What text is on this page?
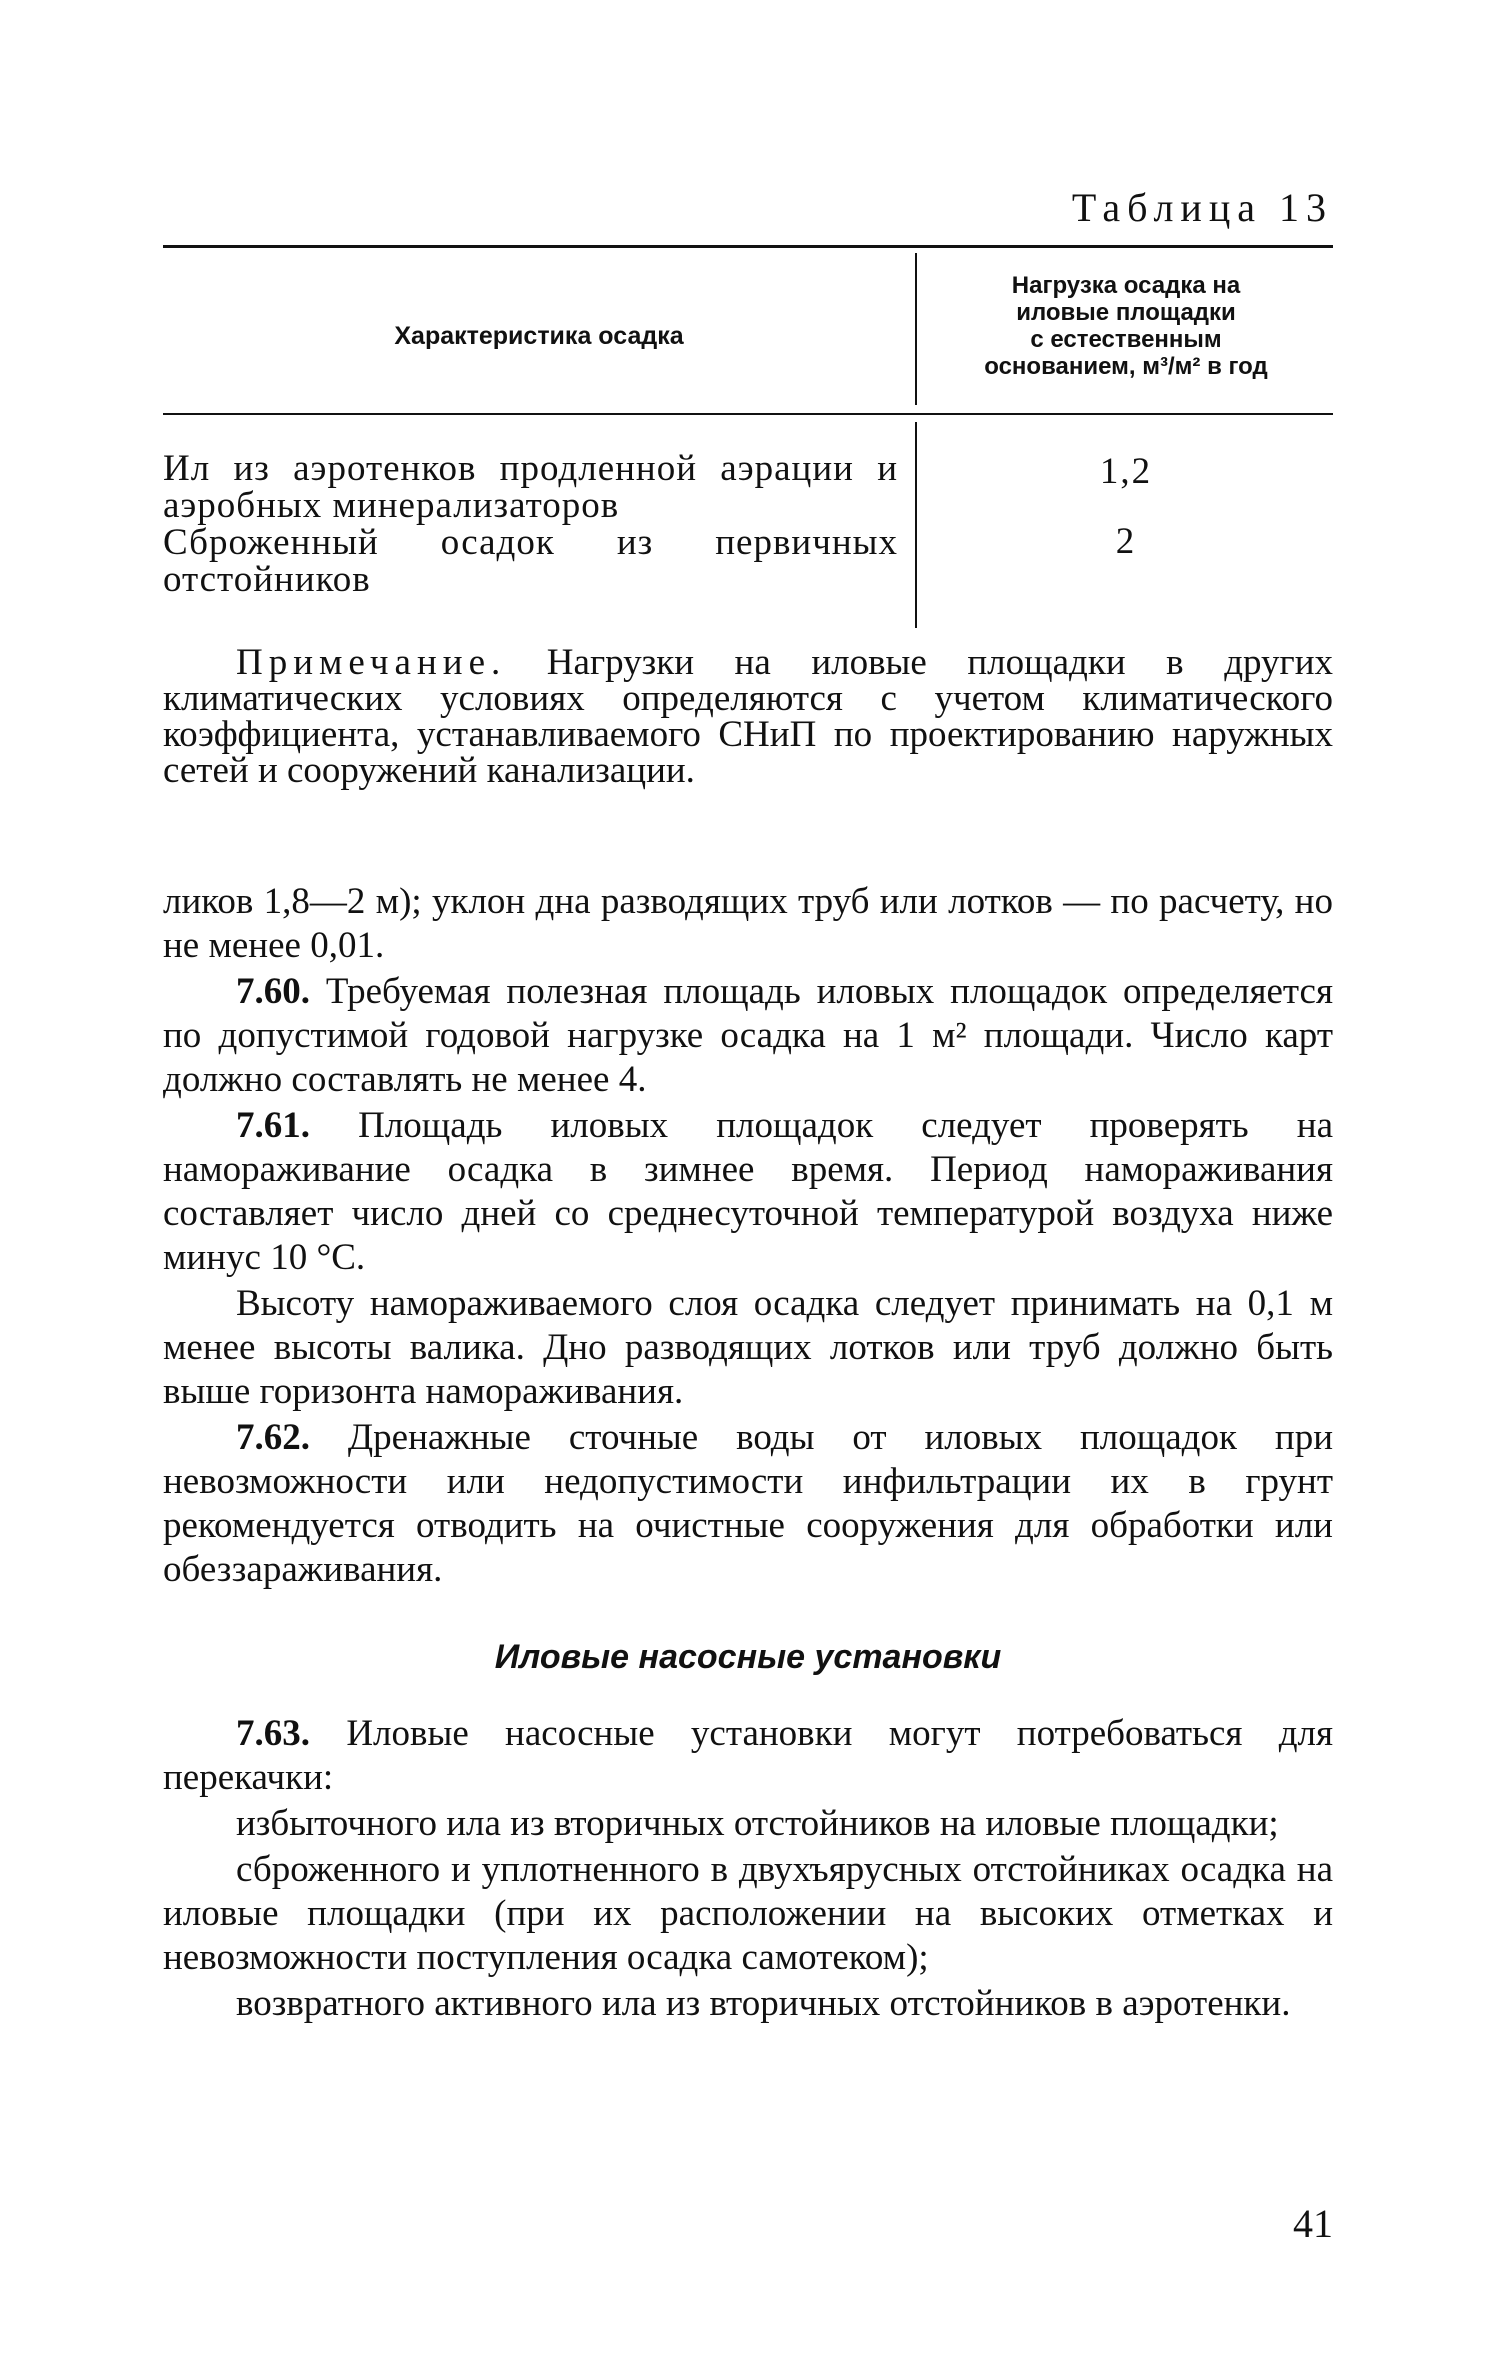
Таблица 13
Характеристика осадка
Нагрузка осадка на
иловые площадки
с естественным
основанием, м³/м² в год
Ил из аэротенков продленной аэрации и аэробных минерализаторов
1,2
Сброженный осадок из первичных отстойников
2
Примечание. Нагрузки на иловые площадки в других климатических условиях определяются с учетом климатического коэффициента, устанавливаемого СНиП по проектированию наружных сетей и сооружений канализации.

ликов 1,8—2 м); уклон дна разводящих труб или лотков — по расчету, но не менее 0,01.

7.60. Требуемая полезная площадь иловых площадок определяется по допустимой годовой нагрузке осадка на 1 м² площади. Число карт должно составлять не менее 4.

7.61. Площадь иловых площадок следует проверять на намораживание осадка в зимнее время. Период намораживания составляет число дней со среднесуточной температурой воздуха ниже минус 10 °С.

Высоту намораживаемого слоя осадка следует принимать на 0,1 м менее высоты валика. Дно разводящих лотков или труб должно быть выше горизонта намораживания.

7.62. Дренажные сточные воды от иловых площадок при невозможности или недопустимости инфильтрации их в грунт рекомендуется отводить на очистные сооружения для обработки или обеззараживания.

Иловые насосные установки

7.63. Иловые насосные установки могут потребоваться для перекачки:

избыточного ила из вторичных отстойников на иловые площадки;

сброженного и уплотненного в двухъярусных отстойниках осадка на иловые площадки (при их расположении на высоких отметках и невозможности поступления осадка самотеком);

возвратного активного ила из вторичных отстойников в аэротенки.

41
